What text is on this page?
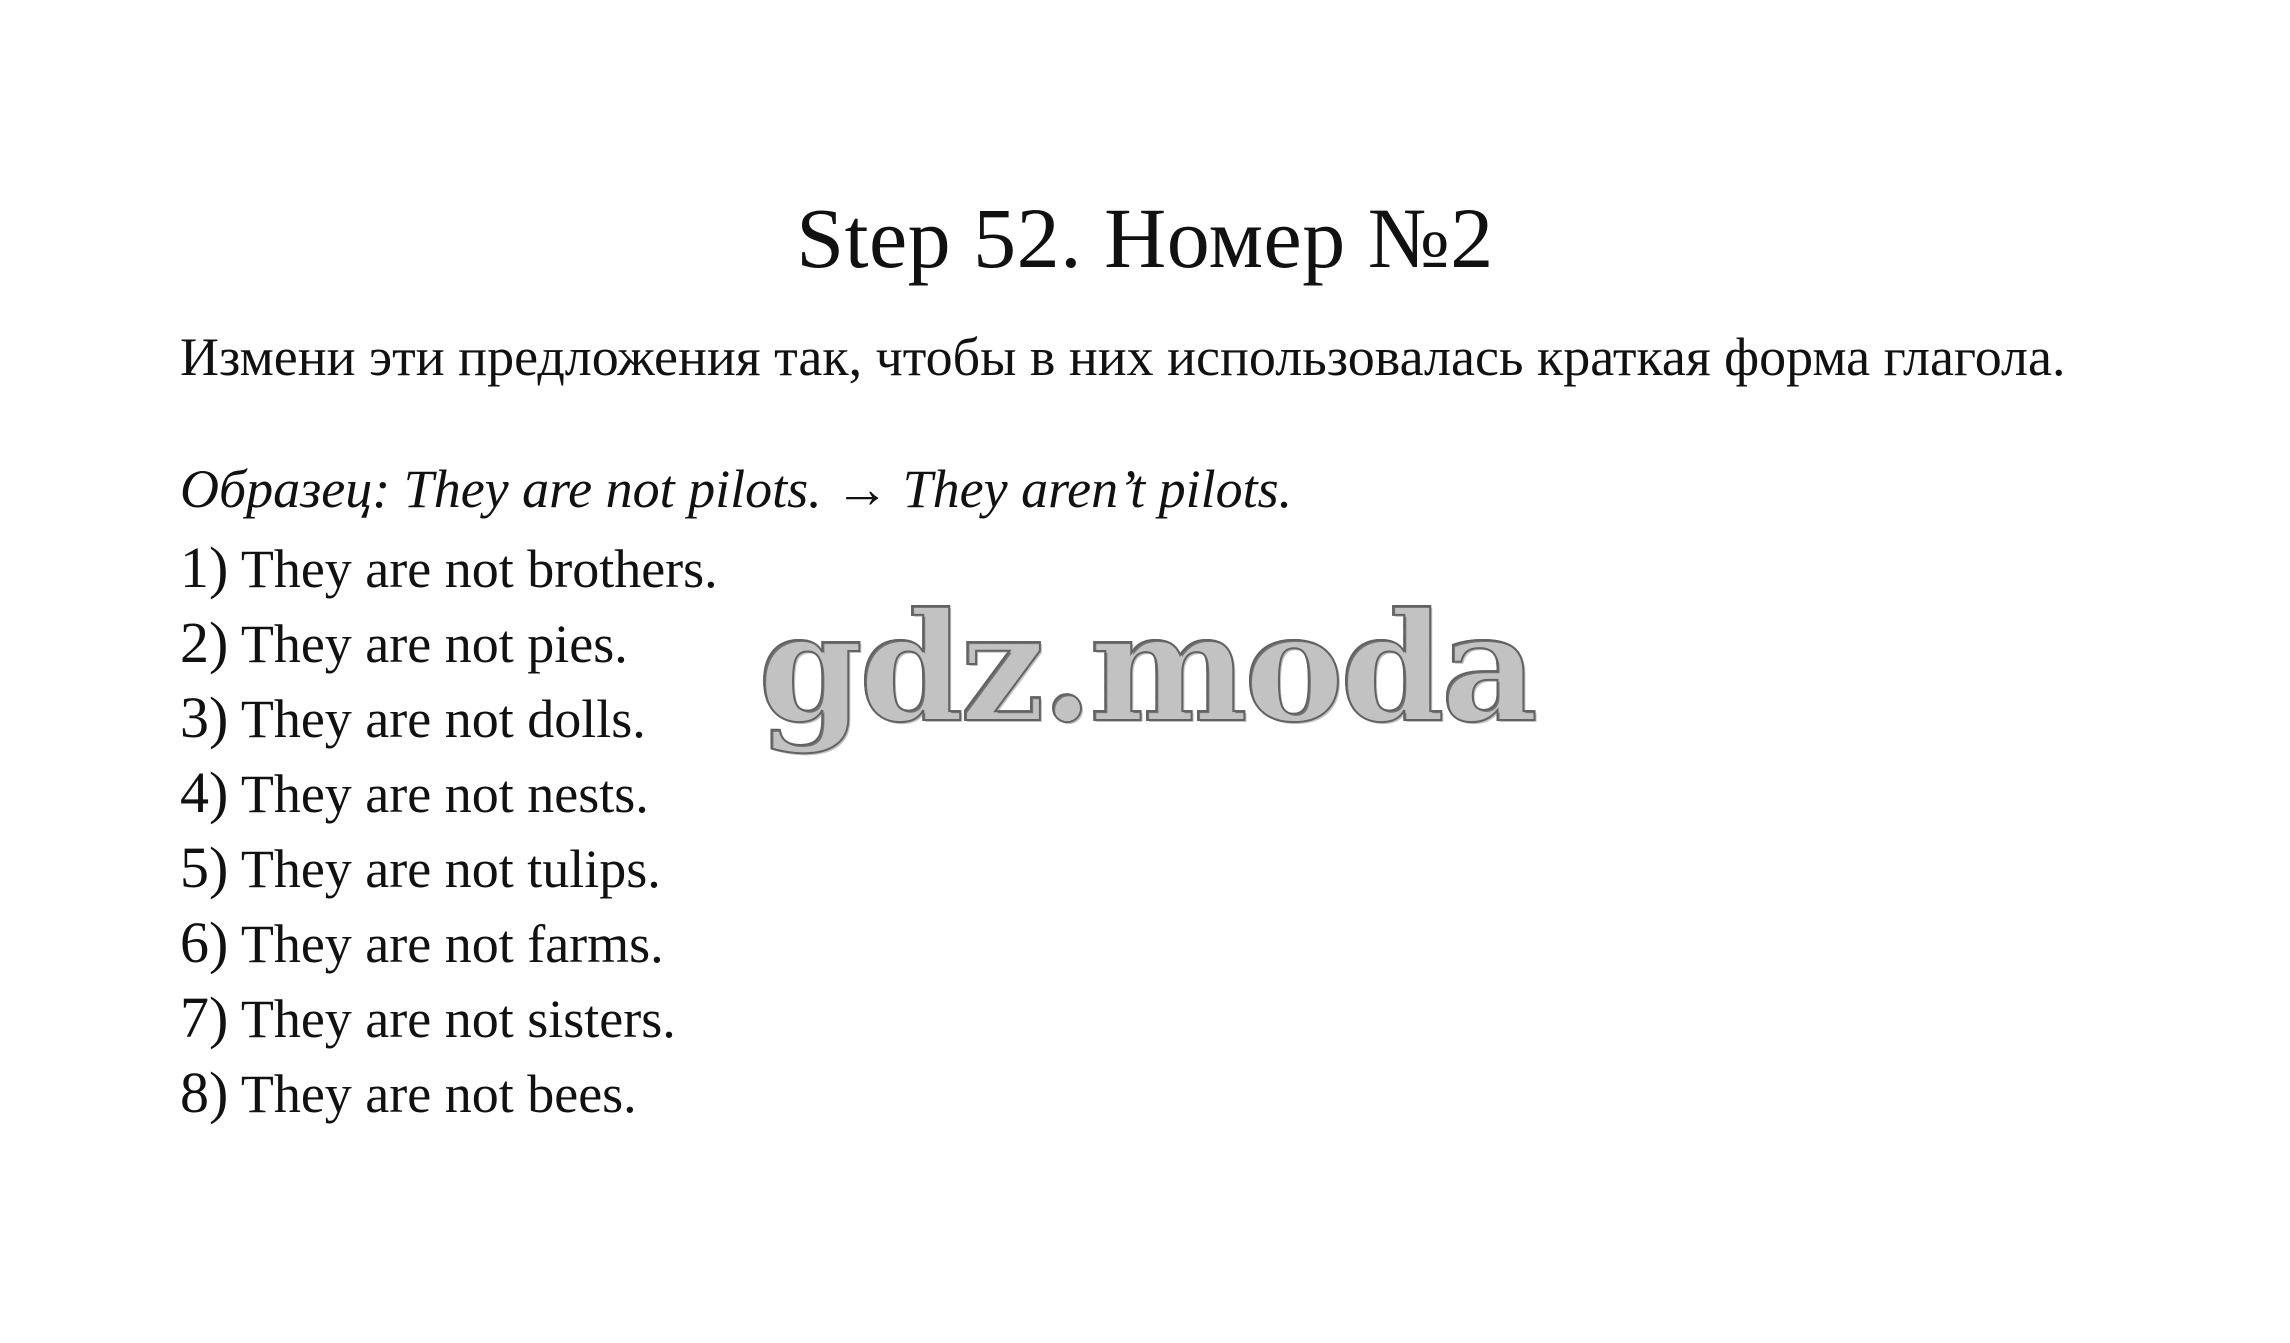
Step 52. Номер №2
Измени эти предложения так, чтобы в них использовалась краткая форма глагола.
Образец: They are not pilots. → They aren’t pilots.
1) They are not brothers.
2) They are not pies.
3) They are not dolls.
4) They are not nests.
5) They are not tulips.
6) They are not farms.
7) They are not sisters.
8) They are not bees.
gdz.moda
